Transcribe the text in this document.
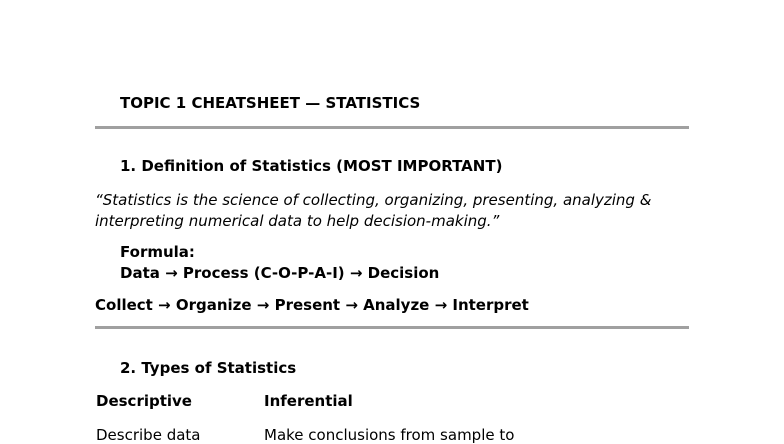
TOPIC 1 CHEATSHEET — STATISTICS
1. Definition of Statistics (MOST IMPORTANT)
“Statistics is the science of collecting, organizing, presenting, analyzing &
interpreting numerical data to help decision-making.”
Formula:
Data → Process (C-O-P-A-I) → Decision
Collect → Organize → Present → Analyze → Interpret
2. Types of Statistics
Descriptive	Inferential
Describe data	Make conclusions from sample to
